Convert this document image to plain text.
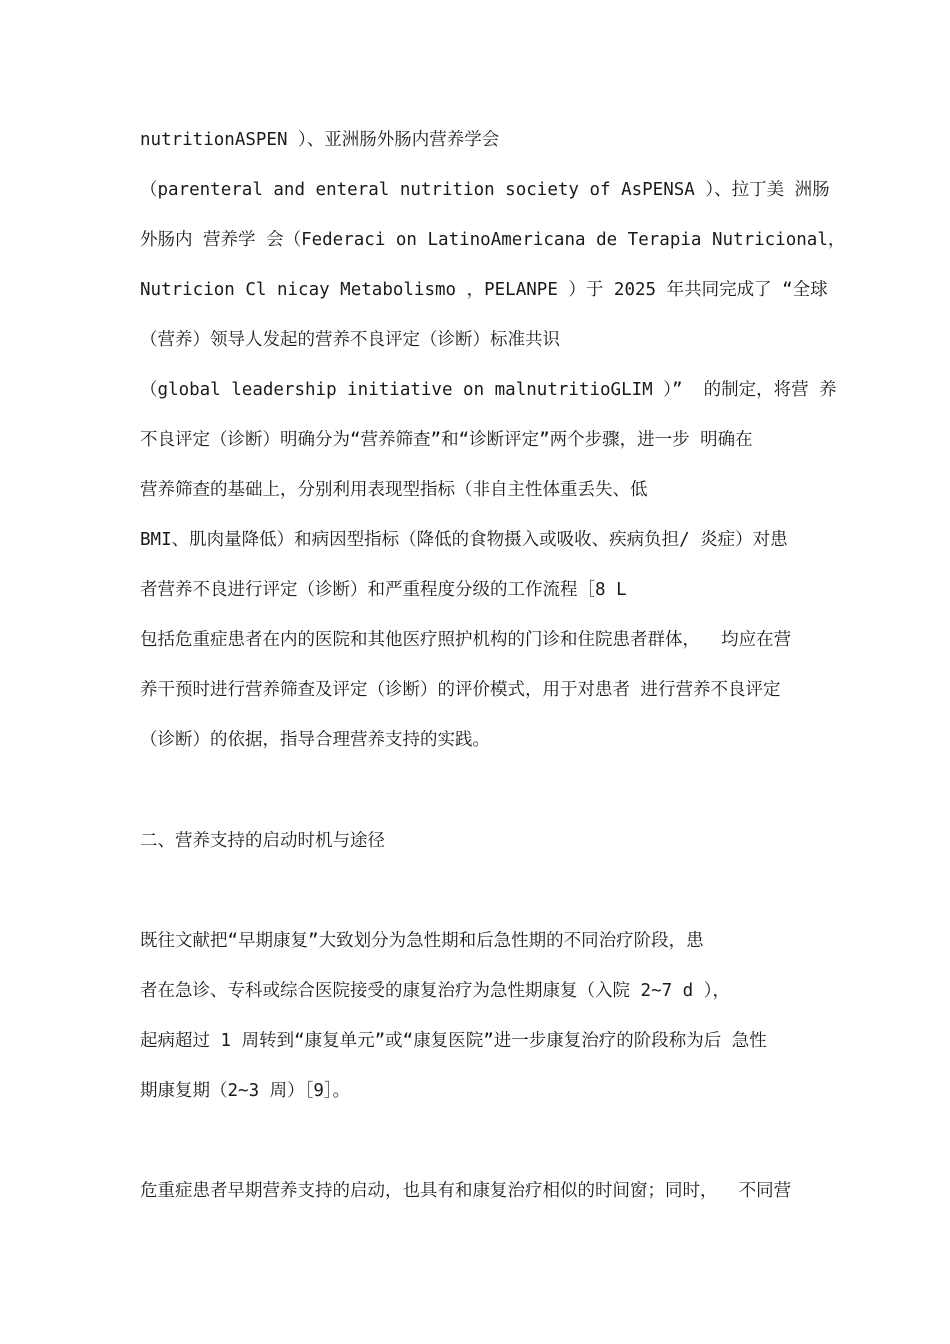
nutritionASPEN ）、亚洲肠外肠内营养学会
（parenteral and enteral nutrition society of AsPENSA ）、拉丁美 洲肠
外肠内 营养学 会（Federaci on LatinoAmericana de Terapia Nutricional，
Nutricion Cl nicay Metabolismo ，PELANPE ）于 2025 年共同完成了 “全球
（营养）领导人发起的营养不良评定（诊断）标准共识
（global leadership initiative on malnutritioGLIM ）”  的制定，将营 养
不良评定（诊断）明确分为“营养筛查”和“诊断评定”两个步骤，进一步 明确在
营养筛查的基础上，分别利用表现型指标（非自主性体重丢失、低
BMI、肌肉量降低）和病因型指标（降低的食物摄入或吸收、疾病负担/ 炎症）对患
者营养不良进行评定（诊断）和严重程度分级的工作流程［8 L
包括危重症患者在内的医院和其他医疗照护机构的门诊和住院患者群体，  均应在营
养干预时进行营养筛查及评定（诊断）的评价模式，用于对患者 进行营养不良评定
（诊断）的依据，指导合理营养支持的实践。
二、营养支持的启动时机与途径
既往文献把“早期康复”大致划分为急性期和后急性期的不同治疗阶段，患
者在急诊、专科或综合医院接受的康复治疗为急性期康复（入院 2~7 d ），
起病超过 1 周转到“康复单元”或“康复医院”进一步康复治疗的阶段称为后 急性
期康复期（2~3 周）［9］。
危重症患者早期营养支持的启动，也具有和康复治疗相似的时间窗；同时，  不同营
